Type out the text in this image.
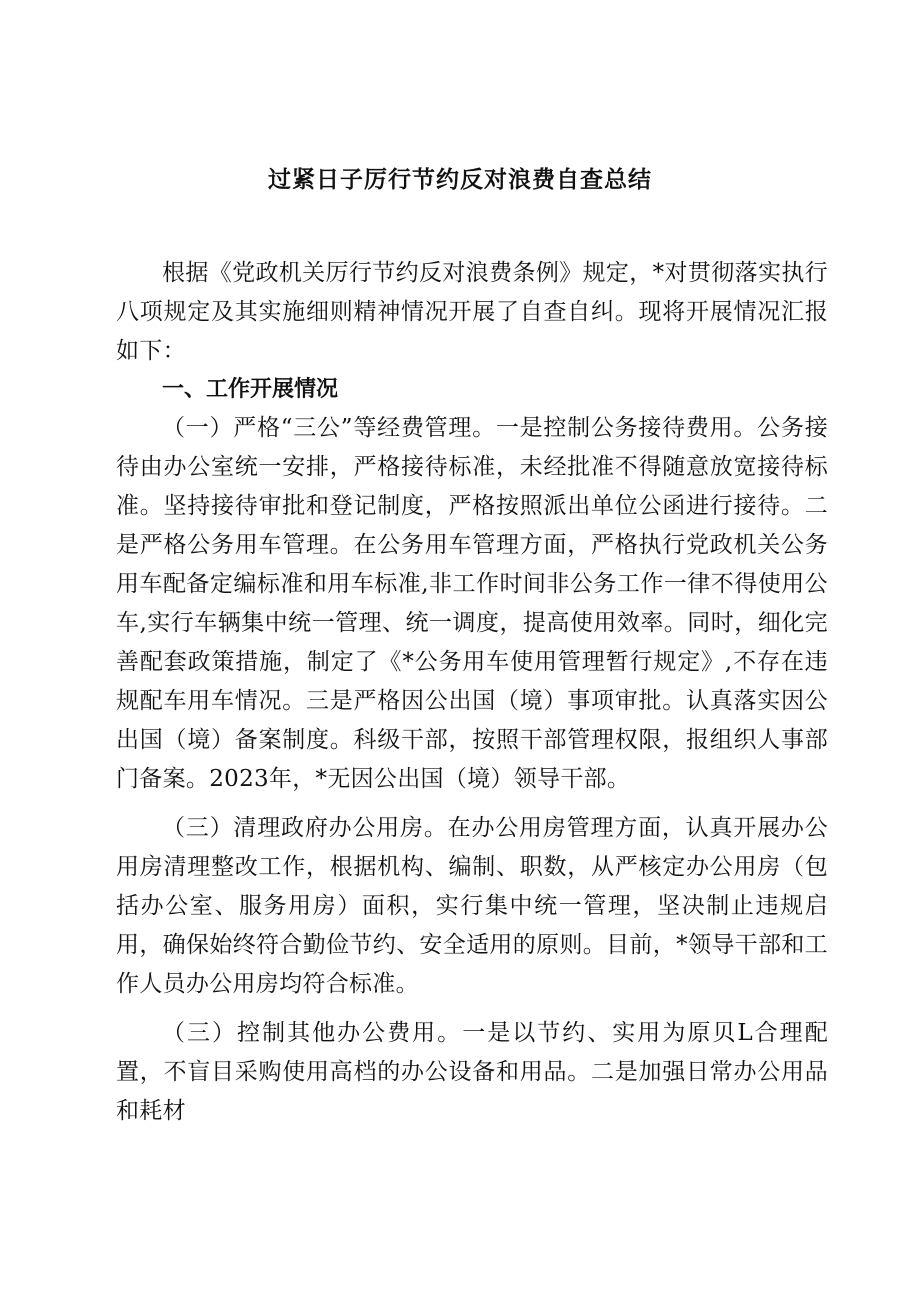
过紧日子厉行节约反对浪费自查总结

根据《党政机关厉行节约反对浪费条例》规定，*对贯彻落实执行八项规定及其实施细则精神情况开展了自查自纠。现将开展情况汇报如下：

一、工作开展情况

（一）严格“三公”等经费管理。一是控制公务接待费用。公务接待由办公室统一安排，严格接待标准，未经批准不得随意放宽接待标准。坚持接待审批和登记制度，严格按照派出单位公函进行接待。二是严格公务用车管理。在公务用车管理方面，严格执行党政机关公务用车配备定编标准和用车标准,非工作时间非公务工作一律不得使用公车,实行车辆集中统一管理、统一调度，提高使用效率。同时，细化完善配套政策措施，制定了《*公务用车使用管理暂行规定》,不存在违规配车用车情况。三是严格因公出国（境）事项审批。认真落实因公出国（境）备案制度。科级干部，按照干部管理权限，报组织人事部门备案。2023年，*无因公出国（境）领导干部。

（三）清理政府办公用房。在办公用房管理方面，认真开展办公用房清理整改工作，根据机构、编制、职数，从严核定办公用房（包括办公室、服务用房）面积，实行集中统一管理，坚决制止违规启用，确保始终符合勤俭节约、安全适用的原则。目前，*领导干部和工作人员办公用房均符合标准。

（三）控制其他办公费用。一是以节约、实用为原贝L合理配置，不盲目采购使用高档的办公设备和用品。二是加强日常办公用品和耗材
